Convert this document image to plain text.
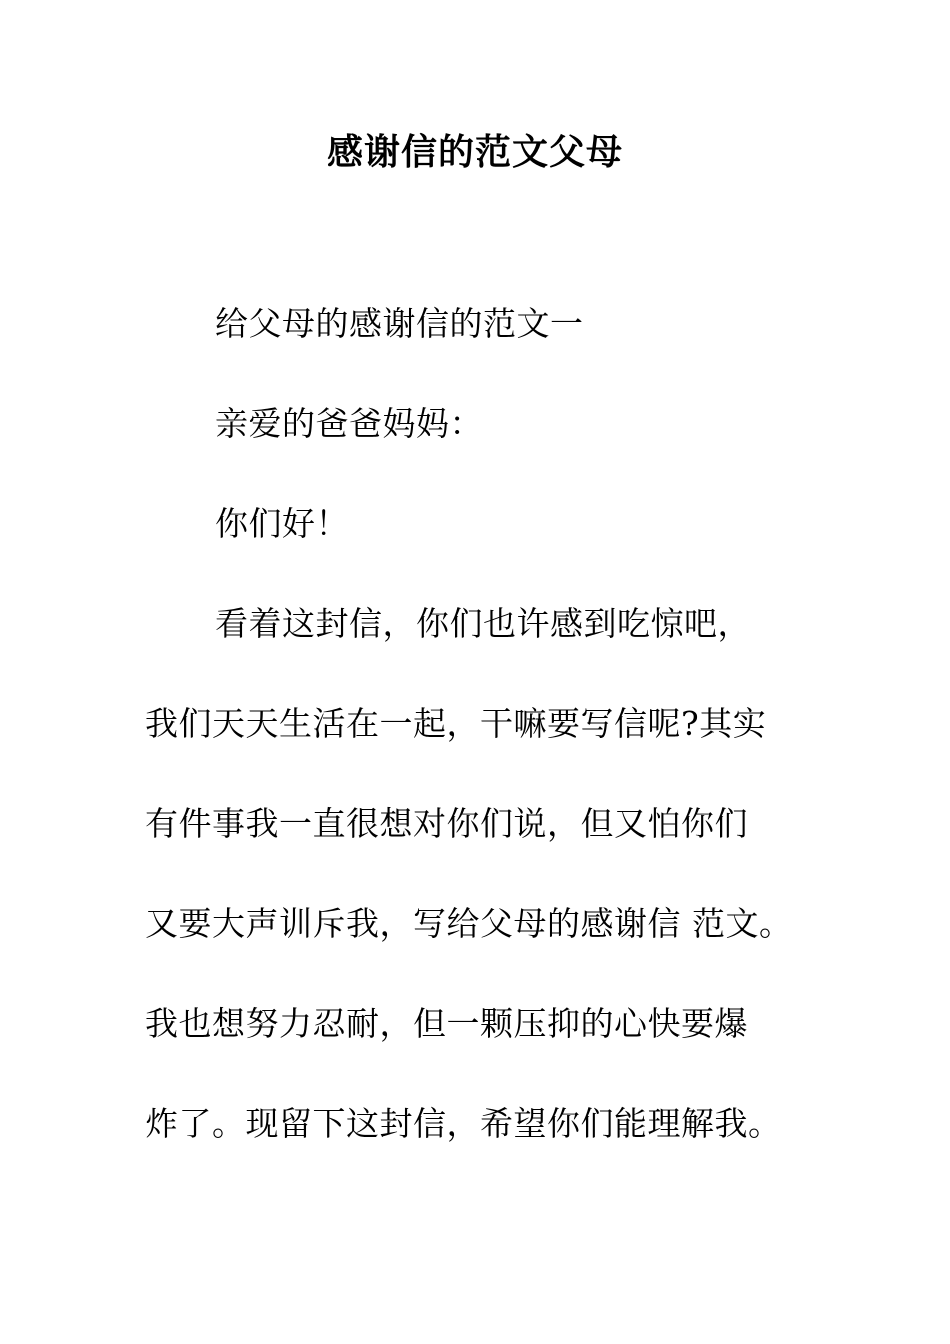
感谢信的范文父母
给父母的感谢信的范文一
亲爱的爸爸妈妈：
你们好！
看着这封信，你们也许感到吃惊吧，
我们天天生活在一起，干嘛要写信呢?其实
有件事我一直很想对你们说，但又怕你们
又要大声训斥我，写给父母的感谢信 范文。
我也想努力忍耐，但一颗压抑的心快要爆
炸了。现留下这封信，希望你们能理解我。
